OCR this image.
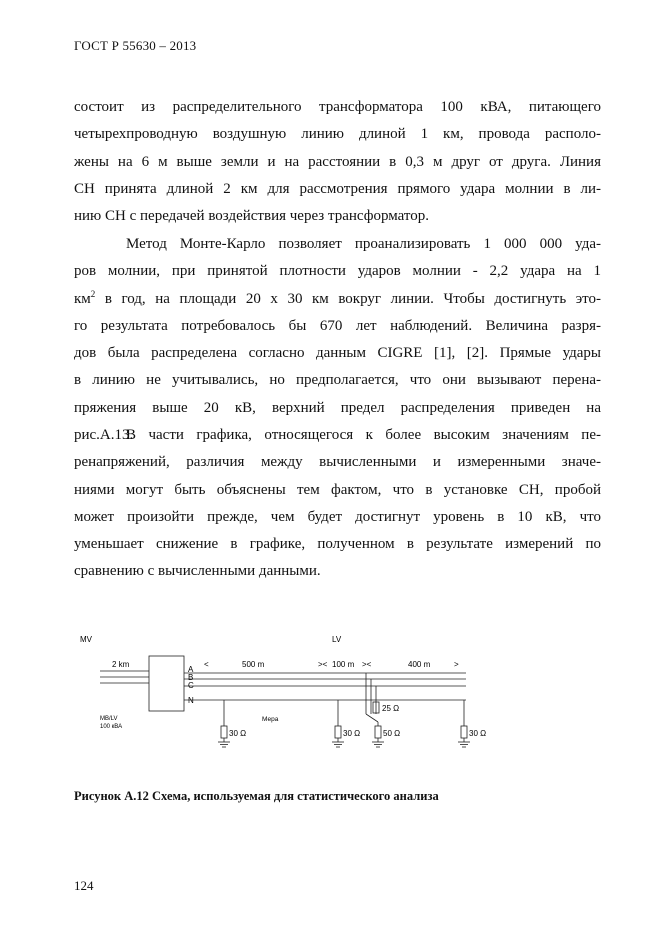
ГОСТ Р 55630 – 2013
состоит из распределительного трансформатора 100 кВА, питающего
четырехпроводную воздушную линию длиной 1 км, провода располо-
жены на 6 м выше земли и на расстоянии в 0,3 м друг от друга. Линия
СН принята длиной 2 км для рассмотрения прямого удара молнии в ли-
нию СН с передачей воздействия через трансформатор.
Метод Монте-Карло позволяет проанализировать 1 000 000 уда-
ров молнии, при принятой плотности ударов молнии - 2,2 удара на 1
$км^2$ в год, на площади 20 х 30 км вокруг линии. Чтобы достигнуть это-
го результата потребовалось бы 670 лет наблюдений. Величина разря-
дов была распределена согласно данным CIGRE [1], [2]. Прямые удары
в линию не учитывались, но предполагается, что они вызывают перена-
пряжения выше 20 кВ, верхний предел распределения приведен на
рис.А.13.
В части графика, относящегося к более высоким значениям пе-
ренапряжений, различия между вычисленными и измеренными значе-
ниями могут быть объяснены тем фактом, что в установке СН, пробой
может произойти прежде, чем будет достигнут уровень в 10 кВ, что
уменьшает снижение в графике, полученном в результате измерений по
сравнению с вычисленными данными.
MV	LV
2 km	<	500 m	>< 100 m ><	400 m	>
A
B
C
N
MB/LV
100 кВА
Мера
25 Ω
30 Ω	30 Ω	50 Ω	30 Ω
Рисунок А.12 Схема, используемая для статистического анализа
124
